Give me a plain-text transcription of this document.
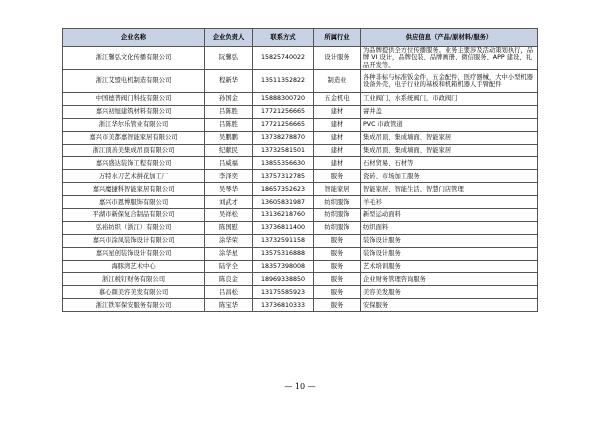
企业名称	企业负责人	联系方式	所属行业	供应信息（产品/原材料/服务）
浙江馨弘文化传播有限公司	阮馨弘	15825740022	设计服务	为品牌提供全方位传播服务。业务主要涉及活动策划执行，品牌 VI 设计，品牌包装、品牌画册、微信服务、APP 建设、礼品开发等。
浙江艾盟电机制造有限公司	程新华	13511352822	制造业	各种非标与标准钣金件，五金配件，医疗器械，大中小型机器设备外壳，电子行业的基板和机箱机器人手臂配件
中国德普阀门科技有限公司	孙国金	15888300720	五金机电	工业阀门，水系统阀门，市政阀门
嘉兴初旭建筑材料有限公司	吕陈胜	17721256665	建材	窨井盖
浙江华尔乐管业有限公司	吕陈胜	17721256665	建材	PVC 市政管道
嘉兴市美都嘉智能家居有限公司	吴鹏鹏	13738278870	建材	集成吊顶、集成墙面、智能家居
浙江顶善美集成吊顶有限公司	纪献民	13732581501	建材	集成吊顶、集成墙面、智能家居
嘉兴盛达装饰工程有限公司	吕威福	13855356630	建材	石材贸易、石材等
万特水刀艺术拼花加工厂	李泽奕	13757312785	服务	瓷砖、市场加工服务
嘉兴魔捷科智能家居有限公司	吴琴华	18657352623	智能家居	智能家居、智能生活、智慧门店管理
嘉兴市恩博服饰有限公司	刘武才	13605831987	纺织服饰	羊毛衫
平湖市新保复合制品有限公司	吴祥松	13136218760	纺织服饰	新型运动面料
弘裕纺织（浙江）有限公司	陈国慰	13736811400	纺织服饰	纺织面料
嘉兴市涂凤装饰设计有限公司	涂华荣	13732591158	服务	装饰设计服务
嘉兴星创装饰设计有限公司	涂华星	13575316888	服务	装饰设计服务
海豚湾艺术中心	陆学全	18357398008	服务	艺术培训服务
浙江税钉财务有限公司	陈良金	18969338850	服务	企业财务管理咨询服务
慕心颜美容美发有限公司	吕昌松	13175585923	服务	美容美发服务
浙江铁军保安服务有限公司	陈宝华	13736810333	服务	安保服务
— 10 —
